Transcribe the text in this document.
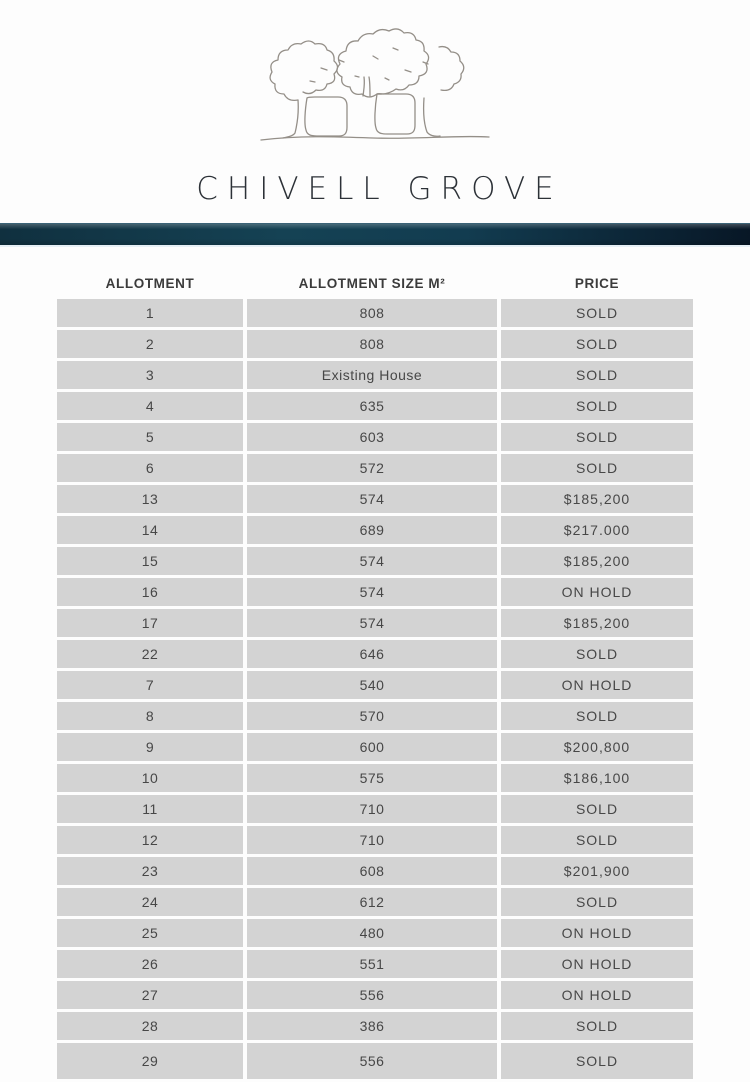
CHIVELL GROVE
ALLOTMENT	ALLOTMENT SIZE M²	PRICE
1	808	SOLD
2	808	SOLD
3	Existing House	SOLD
4	635	SOLD
5	603	SOLD
6	572	SOLD
13	574	$185,200
14	689	$217.000
15	574	$185,200
16	574	ON HOLD
17	574	$185,200
22	646	SOLD
7	540	ON HOLD
8	570	SOLD
9	600	$200,800
10	575	$186,100
11	710	SOLD
12	710	SOLD
23	608	$201,900
24	612	SOLD
25	480	ON HOLD
26	551	ON HOLD
27	556	ON HOLD
28	386	SOLD
29	556	SOLD
